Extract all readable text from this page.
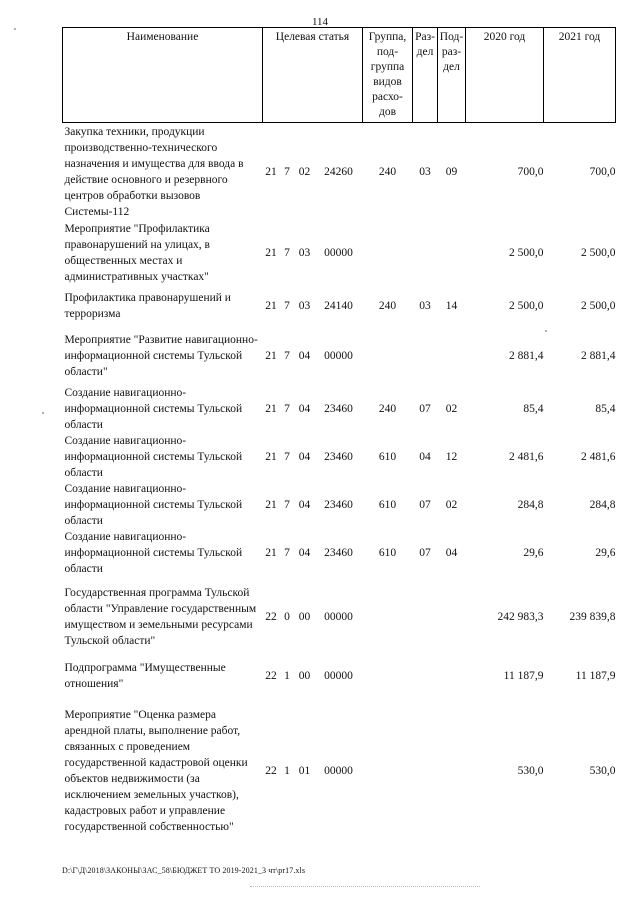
114
Наименование	Целевая статья				Группа, под-группа видов расхо-дов	Раз-дел	Под-раз-дел	2020 год	2021 год
Закупка техники, продукции производственно-технического назначения и имущества для ввода в действие основного и резервного центров обработки вызовов Системы-112	21	7	02	24260	240	03	09	700,0	700,0
Мероприятие "Профилактика правонарушений на улицах, в общественных местах и административных участках"	21	7	03	00000				2 500,0	2 500,0
Профилактика правонарушений и терроризма	21	7	03	24140	240	03	14	2 500,0	2 500,0
Мероприятие "Развитие навигационно-информационной системы Тульской области"	21	7	04	00000				2 881,4	2 881,4
Создание навигационно-информационной системы Тульской области	21	7	04	23460	240	07	02	85,4	85,4
Создание навигационно-информационной системы Тульской области	21	7	04	23460	610	04	12	2 481,6	2 481,6
Создание навигационно-информационной системы Тульской области	21	7	04	23460	610	07	02	284,8	284,8
Создание навигационно-информационной системы Тульской области	21	7	04	23460	610	07	04	29,6	29,6
Государственная программа Тульской области "Управление государственным имуществом и земельными ресурсами Тульской области"	22	0	00	00000				242 983,3	239 839,8
Подпрограмма "Имущественные отношения"	22	1	00	00000				11 187,9	11 187,9
Мероприятие "Оценка размера арендной платы, выполнение работ, связанных с проведением государственной кадастровой оценки объектов недвижимости (за исключением земельных участков), кадастровых работ и управление государственной собственностью"	22	1	01	00000				530,0	530,0
D:\Г\Д\2018\ЗАКОНЫ\ЗАС_58\БЮДЖЕТ ТО 2019-2021_3 чт\pr17.xls
